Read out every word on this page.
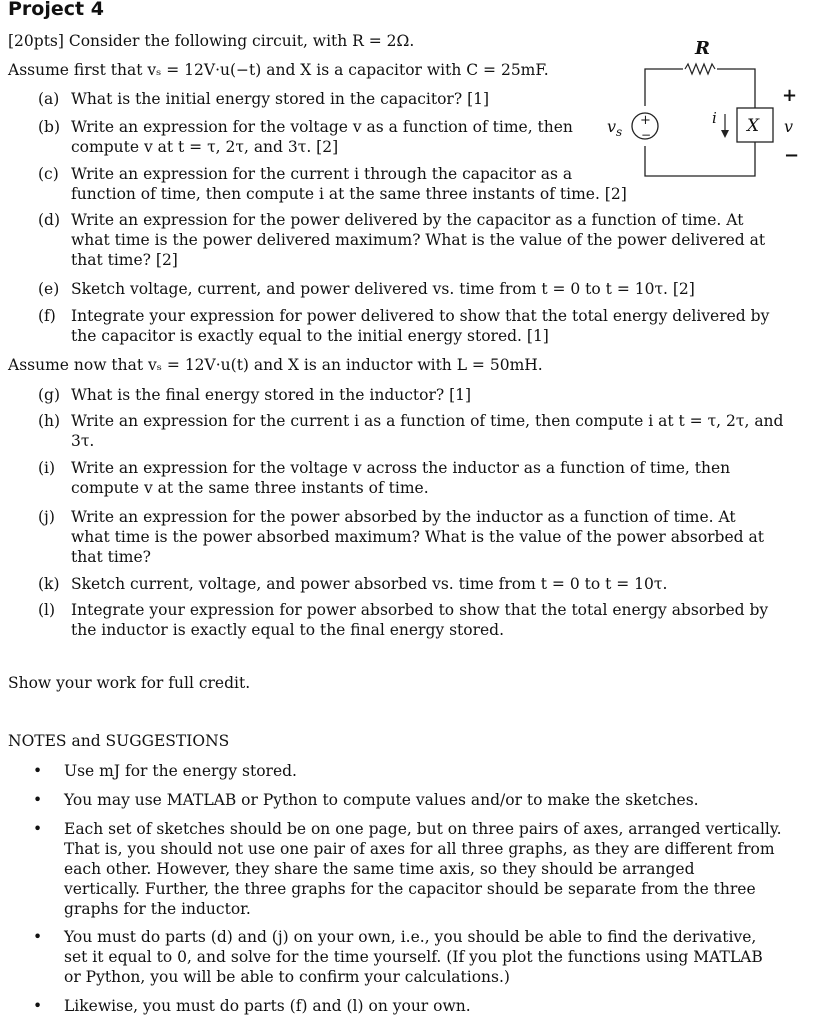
Project 4
[20pts] Consider the following circuit, with R = 2Ω.
Assume first that vₛ = 12V·u(−t) and X is a capacitor with C = 25mF.
(a) What is the initial energy stored in the capacitor? [1]
(b) Write an expression for the voltage v as a function of time, then
compute v at t = τ, 2τ, and 3τ. [2]
(c) Write an expression for the current i through the capacitor as a
function of time, then compute i at the same three instants of time. [2]
(d) Write an expression for the power delivered by the capacitor as a function of time. At
what time is the power delivered maximum? What is the value of the power delivered at
that time? [2]
(e) Sketch voltage, current, and power delivered vs. time from t = 0 to t = 10τ. [2]
(f) Integrate your expression for power delivered to show that the total energy delivered by
the capacitor is exactly equal to the initial energy stored. [1]
Assume now that vₛ = 12V·u(t) and X is an inductor with L = 50mH.
(g) What is the final energy stored in the inductor? [1]
(h) Write an expression for the current i as a function of time, then compute i at t = τ, 2τ, and
3τ.
(i) Write an expression for the voltage v across the inductor as a function of time, then
compute v at the same three instants of time.
(j) Write an expression for the power absorbed by the inductor as a function of time. At
what time is the power absorbed maximum? What is the value of the power absorbed at
that time?
(k) Sketch current, voltage, and power absorbed vs. time from t = 0 to t = 10τ.
(l) Integrate your expression for power absorbed to show that the total energy absorbed by
the inductor is exactly equal to the final energy stored.
Show your work for full credit.
NOTES and SUGGESTIONS
• Use mJ for the energy stored.
• You may use MATLAB or Python to compute values and/or to make the sketches.
• Each set of sketches should be on one page, but on three pairs of axes, arranged vertically.
That is, you should not use one pair of axes for all three graphs, as they are different from
each other. However, they share the same time axis, so they should be arranged
vertically. Further, the three graphs for the capacitor should be separate from the three
graphs for the inductor.
• You must do parts (d) and (j) on your own, i.e., you should be able to find the derivative,
set it equal to 0, and solve for the time yourself. (If you plot the functions using MATLAB
or Python, you will be able to confirm your calculations.)
• Likewise, you must do parts (f) and (l) on your own.
R
+
−
$v_s$	X
i
+
v
−
